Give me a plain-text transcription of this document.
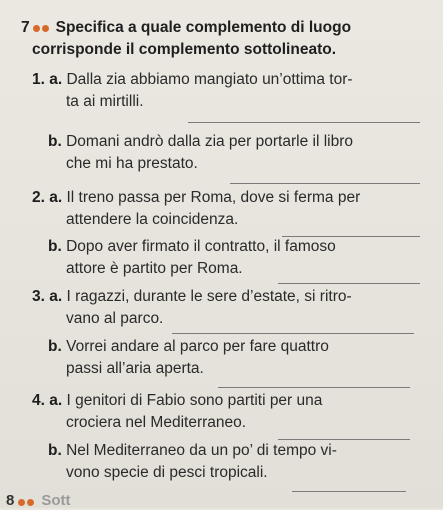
7 Specifica a quale complemento di luogo
corrisponde il complemento sottolineato.
1. a. Dalla zia abbiamo mangiato un’ottima tor-
ta ai mirtilli.
b. Domani andrò dalla zia per portarle il libro
che mi ha prestato.
2. a. Il treno passa per Roma, dove si ferma per
attendere la coincidenza.
b. Dopo aver firmato il contratto, il famoso
attore è partito per Roma.
3. a. I ragazzi, durante le sere d’estate, si ritro-
vano al parco.
b. Vorrei andare al parco per fare quattro
passi all’aria aperta.
4. a. I genitori di Fabio sono partiti per una
crociera nel Mediterraneo.
b. Nel Mediterraneo da un po’ di tempo vi-
vono specie di pesci tropicali.
8 Sott
